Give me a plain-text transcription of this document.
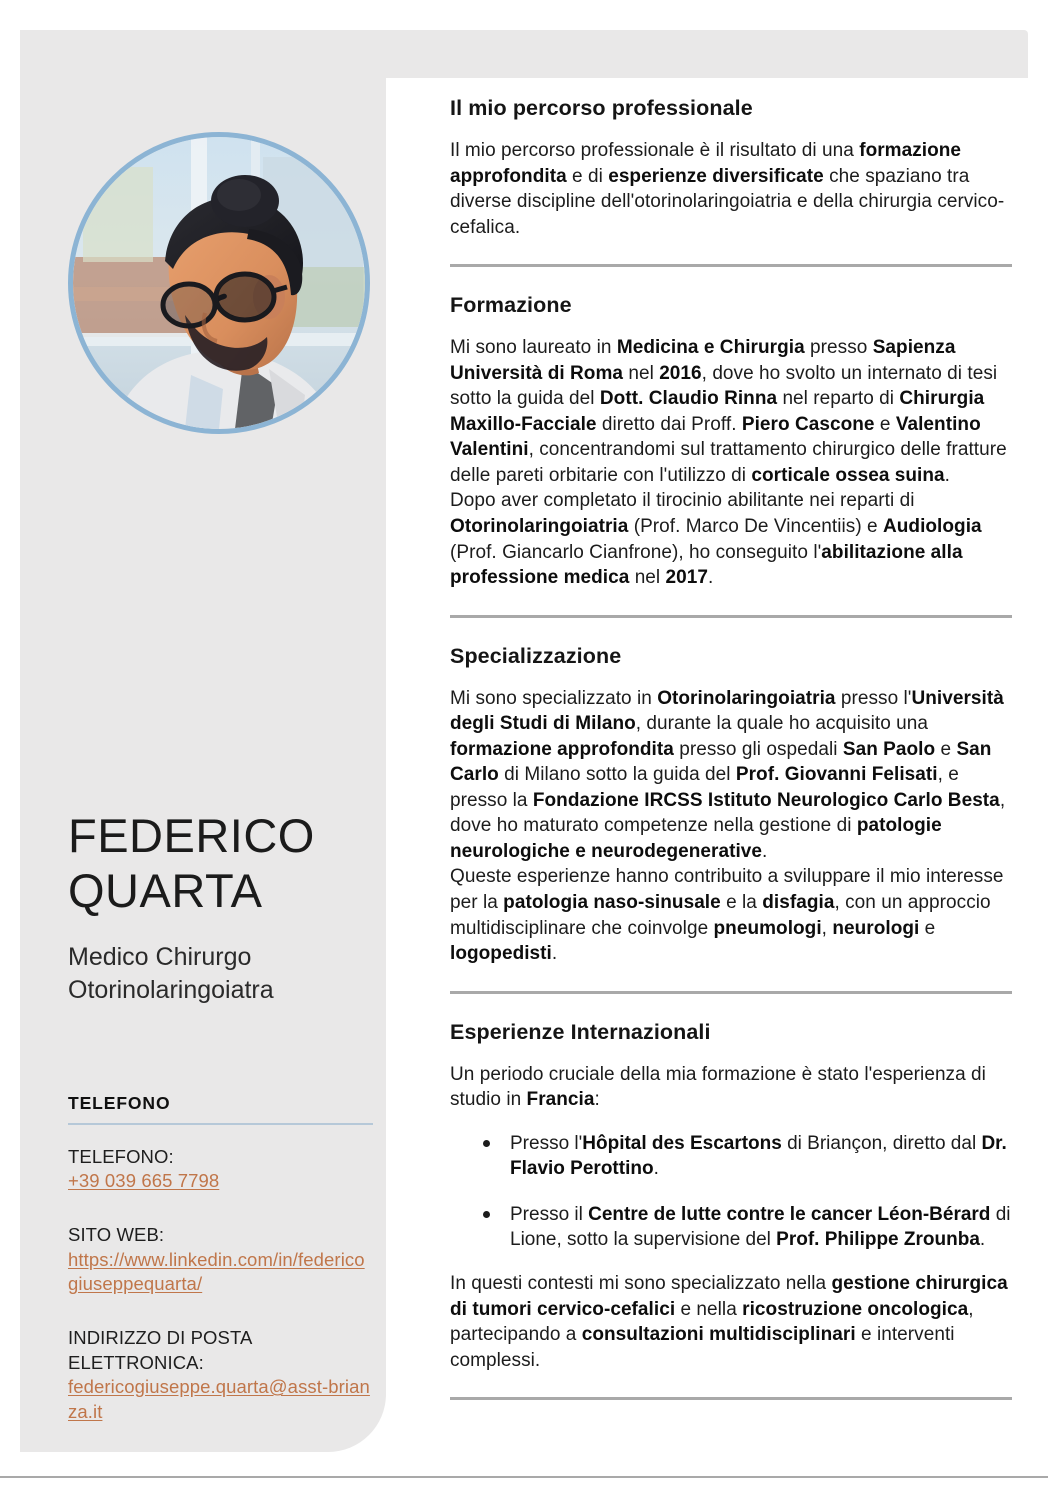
FEDERICO
QUARTA

Medico Chirurgo
Otorinolaringoiatra

TELEFONO
TELEFONO:
+39 039 665 7798
SITO WEB:
https://www.linkedin.com/in/federicogiuseppequarta/
INDIRIZZO DI POSTA ELETTRONICA:
federicogiuseppe.quarta@asst-brianza.it
Il mio percorso professionale

Il mio percorso professionale è il risultato di una formazione approfondita e di esperienze diversificate che spaziano tra diverse discipline dell'otorinolaringoiatria e della chirurgia cervico-cefalica.

Formazione

Mi sono laureato in Medicina e Chirurgia presso Sapienza Università di Roma nel 2016, dove ho svolto un internato di tesi sotto la guida del Dott. Claudio Rinna nel reparto di Chirurgia Maxillo-Facciale diretto dai Proff. Piero Cascone e Valentino Valentini, concentrandomi sul trattamento chirurgico delle fratture delle pareti orbitarie con l'utilizzo di corticale ossea suina.

Dopo aver completato il tirocinio abilitante nei reparti di Otorinolaringoiatria (Prof. Marco De Vincentiis) e Audiologia (Prof. Giancarlo Cianfrone), ho conseguito l'abilitazione alla professione medica nel 2017.

Specializzazione

Mi sono specializzato in Otorinolaringoiatria presso l'Università degli Studi di Milano, durante la quale ho acquisito una formazione approfondita presso gli ospedali San Paolo e San Carlo di Milano sotto la guida del Prof. Giovanni Felisati, e presso la Fondazione IRCSS Istituto Neurologico Carlo Besta, dove ho maturato competenze nella gestione di patologie neurologiche e neurodegenerative.

Queste esperienze hanno contribuito a sviluppare il mio interesse per la patologia naso-sinusale e la disfagia, con un approccio multidisciplinare che coinvolge pneumologi, neurologi e logopedisti.

Esperienze Internazionali

Un periodo cruciale della mia formazione è stato l'esperienza di studio in Francia:

Presso l'Hôpital des Escartons di Briançon, diretto dal Dr. Flavio Perottino.
Presso il Centre de lutte contre le cancer Léon-Bérard di Lione, sotto la supervisione del Prof. Philippe Zrounba.

In questi contesti mi sono specializzato nella gestione chirurgica di tumori cervico-cefalici e nella ricostruzione oncologica, partecipando a consultazioni multidisciplinari e interventi complessi.
